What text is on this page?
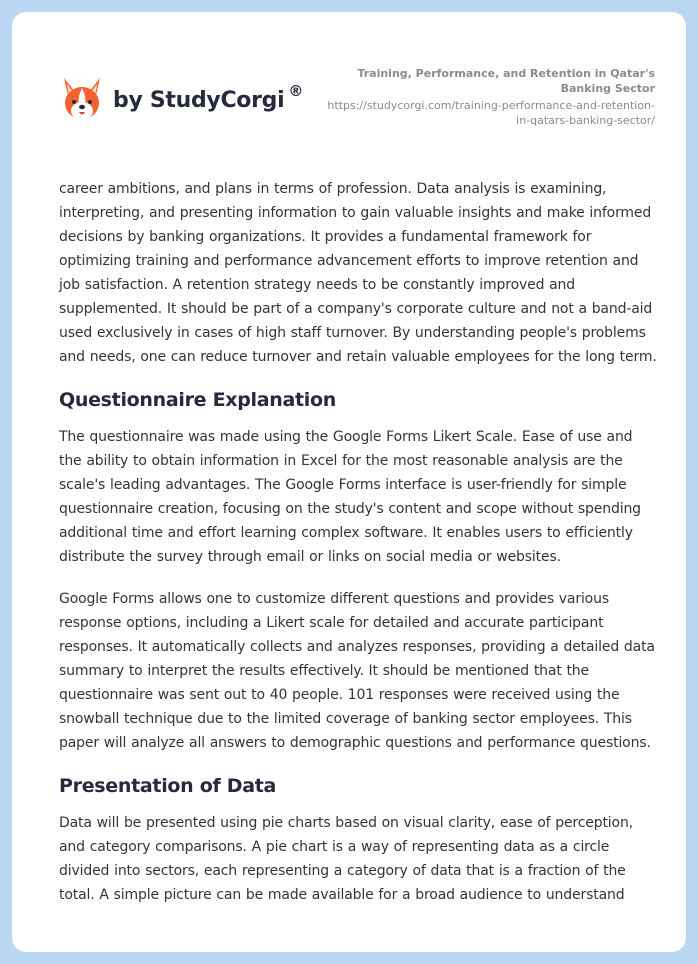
by StudyCorgi ®
Training, Performance, and Retention in Qatar's Banking Sector
https://studycorgi.com/training-performance-and-retention-in-qatars-banking-sector/

career ambitions, and plans in terms of profession. Data analysis is examining, interpreting, and presenting information to gain valuable insights and make informed decisions by banking organizations. It provides a fundamental framework for optimizing training and performance advancement efforts to improve retention and job satisfaction. A retention strategy needs to be constantly improved and supplemented. It should be part of a company's corporate culture and not a band-aid used exclusively in cases of high staff turnover. By understanding people's problems and needs, one can reduce turnover and retain valuable employees for the long term.

Questionnaire Explanation

The questionnaire was made using the Google Forms Likert Scale. Ease of use and the ability to obtain information in Excel for the most reasonable analysis are the scale's leading advantages. The Google Forms interface is user-friendly for simple questionnaire creation, focusing on the study's content and scope without spending additional time and effort learning complex software. It enables users to efficiently distribute the survey through email or links on social media or websites.

Google Forms allows one to customize different questions and provides various response options, including a Likert scale for detailed and accurate participant responses. It automatically collects and analyzes responses, providing a detailed data summary to interpret the results effectively. It should be mentioned that the questionnaire was sent out to 40 people. 101 responses were received using the snowball technique due to the limited coverage of banking sector employees. This paper will analyze all answers to demographic questions and performance questions.

Presentation of Data

Data will be presented using pie charts based on visual clarity, ease of perception, and category comparisons. A pie chart is a way of representing data as a circle divided into sectors, each representing a category of data that is a fraction of the total. A simple picture can be made available for a broad audience to understand
